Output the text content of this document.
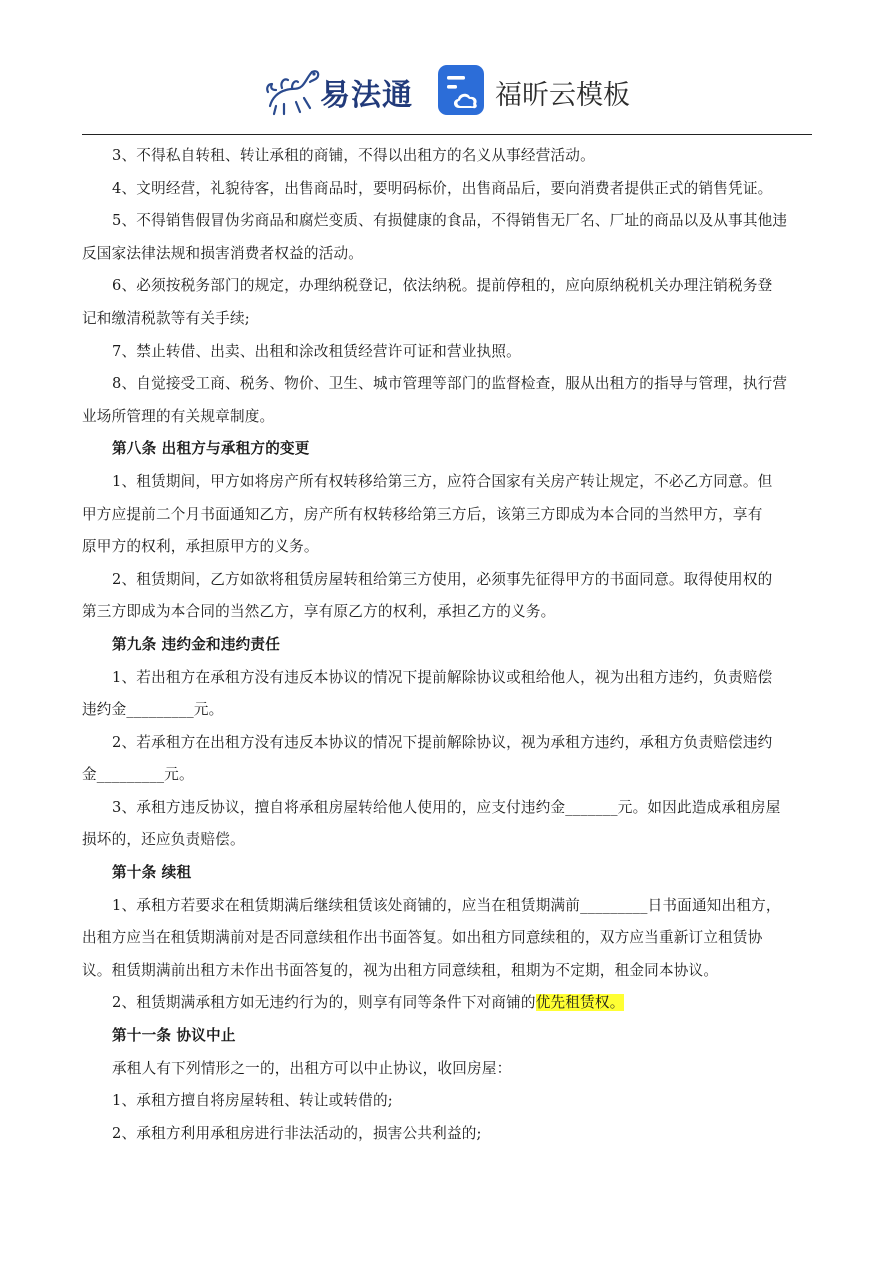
易法通	福昕云模板

3、不得私自转租、转让承租的商铺，不得以出租方的名义从事经营活动。

4、文明经营，礼貌待客，出售商品时，要明码标价，出售商品后，要向消费者提供正式的销售凭证。

5、不得销售假冒伪劣商品和腐烂变质、有损健康的食品，不得销售无厂名、厂址的商品以及从事其他违

反国家法律法规和损害消费者权益的活动。

6、必须按税务部门的规定，办理纳税登记，依法纳税。提前停租的，应向原纳税机关办理注销税务登

记和缴清税款等有关手续;

7、禁止转借、出卖、出租和涂改租赁经营许可证和营业执照。

8、自觉接受工商、税务、物价、卫生、城市管理等部门的监督检查，服从出租方的指导与管理，执行营

业场所管理的有关规章制度。

第八条 出租方与承租方的变更

1、租赁期间，甲方如将房产所有权转移给第三方，应符合国家有关房产转让规定，不必乙方同意。但

甲方应提前二个月书面通知乙方，房产所有权转移给第三方后，该第三方即成为本合同的当然甲方，享有

原甲方的权利，承担原甲方的义务。

2、租赁期间，乙方如欲将租赁房屋转租给第三方使用，必须事先征得甲方的书面同意。取得使用权的

第三方即成为本合同的当然乙方，享有原乙方的权利，承担乙方的义务。

第九条 违约金和违约责任

1、若出租方在承租方没有违反本协议的情况下提前解除协议或租给他人，视为出租方违约，负责赔偿

违约金_________元。

2、若承租方在出租方没有违反本协议的情况下提前解除协议，视为承租方违约，承租方负责赔偿违约

金_________元。

3、承租方违反协议，擅自将承租房屋转给他人使用的，应支付违约金_______元。如因此造成承租房屋

损坏的，还应负责赔偿。

第十条 续租

1、承租方若要求在租赁期满后继续租赁该处商铺的，应当在租赁期满前_________日书面通知出租方，

出租方应当在租赁期满前对是否同意续租作出书面答复。如出租方同意续租的，双方应当重新订立租赁协

议。租赁期满前出租方未作出书面答复的，视为出租方同意续租，租期为不定期，租金同本协议。

2、租赁期满承租方如无违约行为的，则享有同等条件下对商铺的优先租赁权。

第十一条 协议中止

承租人有下列情形之一的，出租方可以中止协议，收回房屋：

1、承租方擅自将房屋转租、转让或转借的;

2、承租方利用承租房进行非法活动的，损害公共利益的;
